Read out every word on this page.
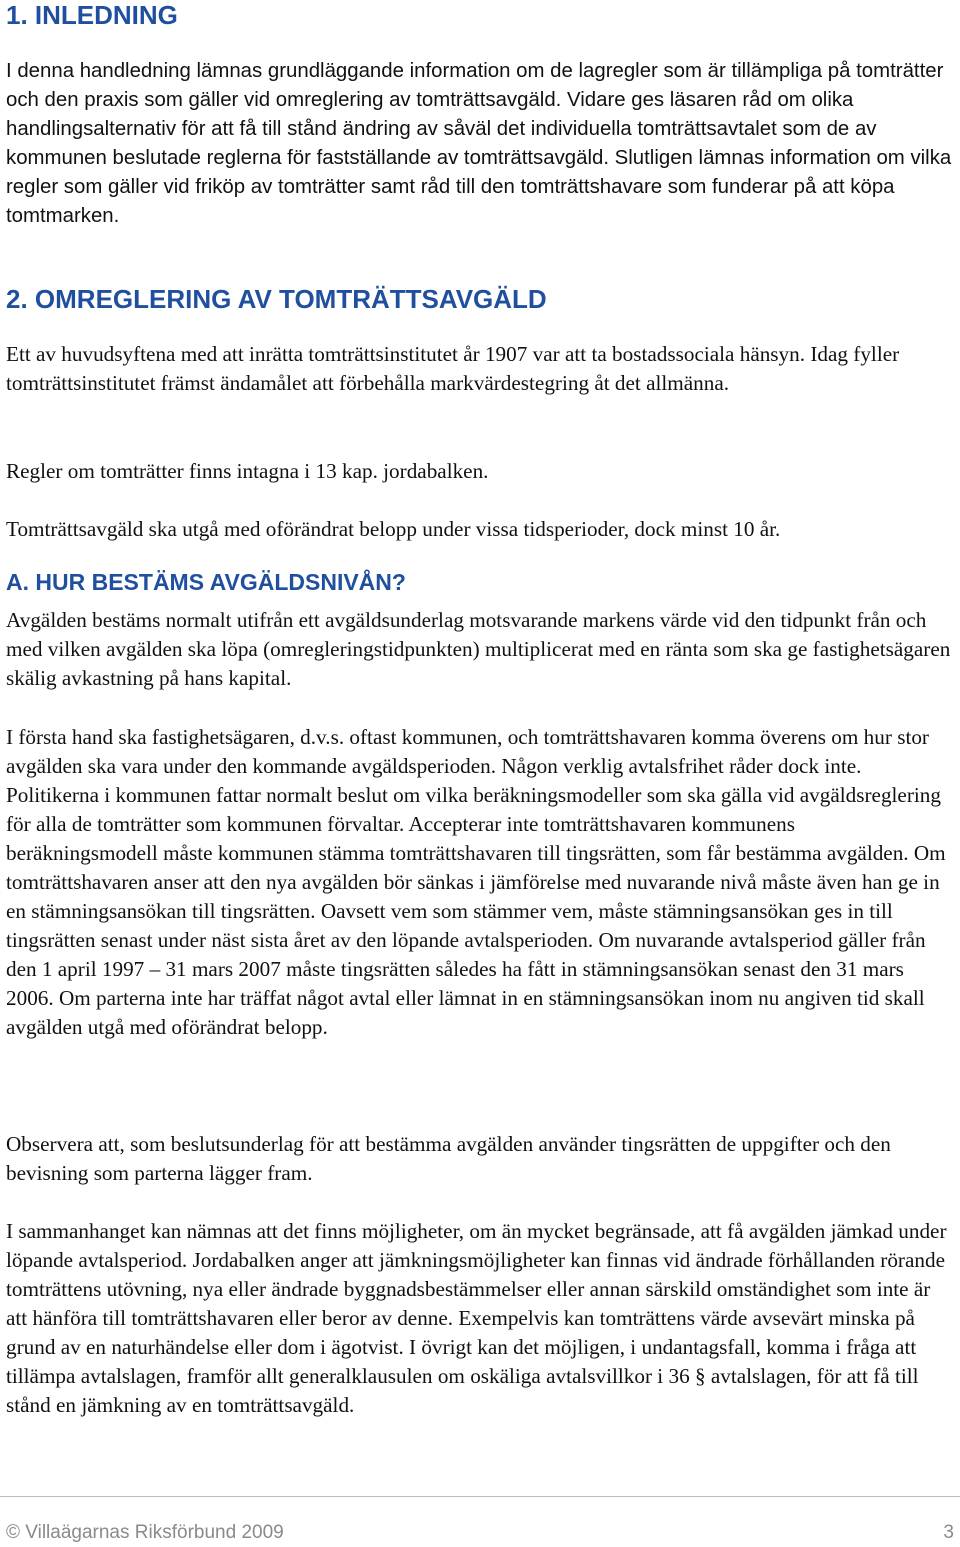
1. INLEDNING

I denna handledning lämnas grundläggande information om de lagregler som är tillämpliga på tomträtter och den praxis som gäller vid omreglering av tomträttsavgäld. Vidare ges läsaren råd om olika handlingsalternativ för att få till stånd ändring av såväl det individuella tomträttsavtalet som de av kommunen beslutade reglerna för fastställande av tomträttsavgäld. Slutligen lämnas information om vilka regler som gäller vid friköp av tomträtter samt råd till den tomträttshavare som funderar på att köpa tomtmarken.

2. OMREGLERING AV TOMTRÄTTSAVGÄLD

Ett av huvudsyftena med att inrätta tomträttsinstitutet år 1907 var att ta bostadssociala hänsyn. Idag fyller tomträttsinstitutet främst ändamålet att förbehålla markvärdestegring åt det allmänna.

Regler om tomträtter finns intagna i 13 kap. jordabalken.

Tomträttsavgäld ska utgå med oförändrat belopp under vissa tidsperioder, dock minst 10 år.

A. HUR BESTÄMS AVGÄLDSNIVÅN?

Avgälden bestäms normalt utifrån ett avgäldsunderlag motsvarande markens värde vid den tidpunkt från och med vilken avgälden ska löpa (omregleringstidpunkten) multiplicerat med en ränta som ska ge fastighetsägaren skälig avkastning på hans kapital.

I första hand ska fastighetsägaren, d.v.s. oftast kommunen, och tomträttshavaren komma överens om hur stor avgälden ska vara under den kommande avgäldsperioden. Någon verklig avtalsfrihet råder dock inte. Politikerna i kommunen fattar normalt beslut om vilka beräkningsmodeller som ska gälla vid avgäldsreglering för alla de tomträtter som kommunen förvaltar. Accepterar inte tomträttshavaren kommunens beräkningsmodell måste kommunen stämma tomträttshavaren till tingsrätten, som får bestämma avgälden. Om tomträttshavaren anser att den nya avgälden bör sänkas i jämförelse med nuvarande nivå måste även han ge in en stämningsansökan till tingsrätten. Oavsett vem som stämmer vem, måste stämningsansökan ges in till tingsrätten senast under näst sista året av den löpande avtalsperioden. Om nuvarande avtalsperiod gäller från den 1 april 1997 – 31 mars 2007 måste tingsrätten således ha fått in stämningsansökan senast den 31 mars 2006. Om parterna inte har träffat något avtal eller lämnat in en stämningsansökan inom nu angiven tid skall avgälden utgå med oförändrat belopp.

Observera att, som beslutsunderlag för att bestämma avgälden använder tingsrätten de uppgifter och den bevisning som parterna lägger fram.

I sammanhanget kan nämnas att det finns möjligheter, om än mycket begränsade, att få avgälden jämkad under löpande avtalsperiod. Jordabalken anger att jämkningsmöjligheter kan finnas vid ändrade förhållanden rörande tomträttens utövning, nya eller ändrade byggnadsbestämmelser eller annan särskild omständighet som inte är att hänföra till tomträttshavaren eller beror av denne. Exempelvis kan tomträttens värde avsevärt minska på grund av en naturhändelse eller dom i ägotvist. I övrigt kan det möjligen, i undantagsfall, komma i fråga att tillämpa avtalslagen, framför allt generalklausulen om oskäliga avtalsvillkor i 36 § avtalslagen, för att få till stånd en jämkning av en tomträttsavgäld.

© Villaägarnas Riksförbund 2009	3
